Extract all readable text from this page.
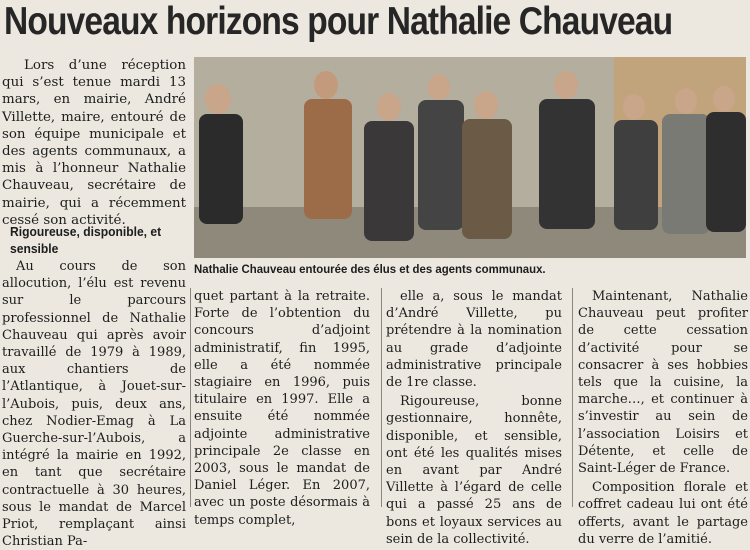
Nouveaux horizons pour Nathalie Chauveau

Lors d’une réception qui s’est tenue mardi 13 mars, en mairie, André Villette, maire, entouré de son équipe municipale et des agents communaux, a mis à l’honneur Nathalie Chauveau, secrétaire de mairie, qui a récemment cessé son activité.

Rigoureuse, disponible, et sensible

Au cours de son allocution, l’élu est revenu sur le parcours professionnel de Nathalie Chauveau qui après avoir travaillé de 1979 à 1989, aux chantiers de l’Atlantique, à Jouet-sur-l’Aubois, puis, deux ans, chez Nodier-Emag à La Guerche-sur-l’Aubois, a intégré la mairie en 1992, en tant que secrétaire contractuelle à 30 heures, sous le mandat de Marcel Priot, remplaçant ainsi Christian Pa-

Nathalie Chauveau entourée des élus et des agents communaux.

quet partant à la retraite. Forte de l’obtention du concours d’adjoint administratif, fin 1995, elle a été nommée stagiaire en 1996, puis titulaire en 1997. Elle a ensuite été nommée adjointe administrative principale 2e classe en 2003, sous le mandat de Daniel Léger. En 2007, avec un poste désormais à temps complet,

elle a, sous le mandat d’André Villette, pu prétendre à la nomination au grade d’adjointe administrative principale de 1re classe.

Rigoureuse, bonne gestionnaire, honnête, disponible, et sensible, ont été les qualités mises en avant par André Villette à l’égard de celle qui a passé 25 ans de bons et loyaux services au sein de la collectivité.

Maintenant, Nathalie Chauveau peut profiter de cette cessation d’activité pour se consacrer à ses hobbies tels que la cuisine, la marche…, et continuer à s’investir au sein de l’association Loisirs et Détente, et celle de Saint-Léger de France.

Composition florale et coffret cadeau lui ont été offerts, avant le partage du verre de l’amitié.
